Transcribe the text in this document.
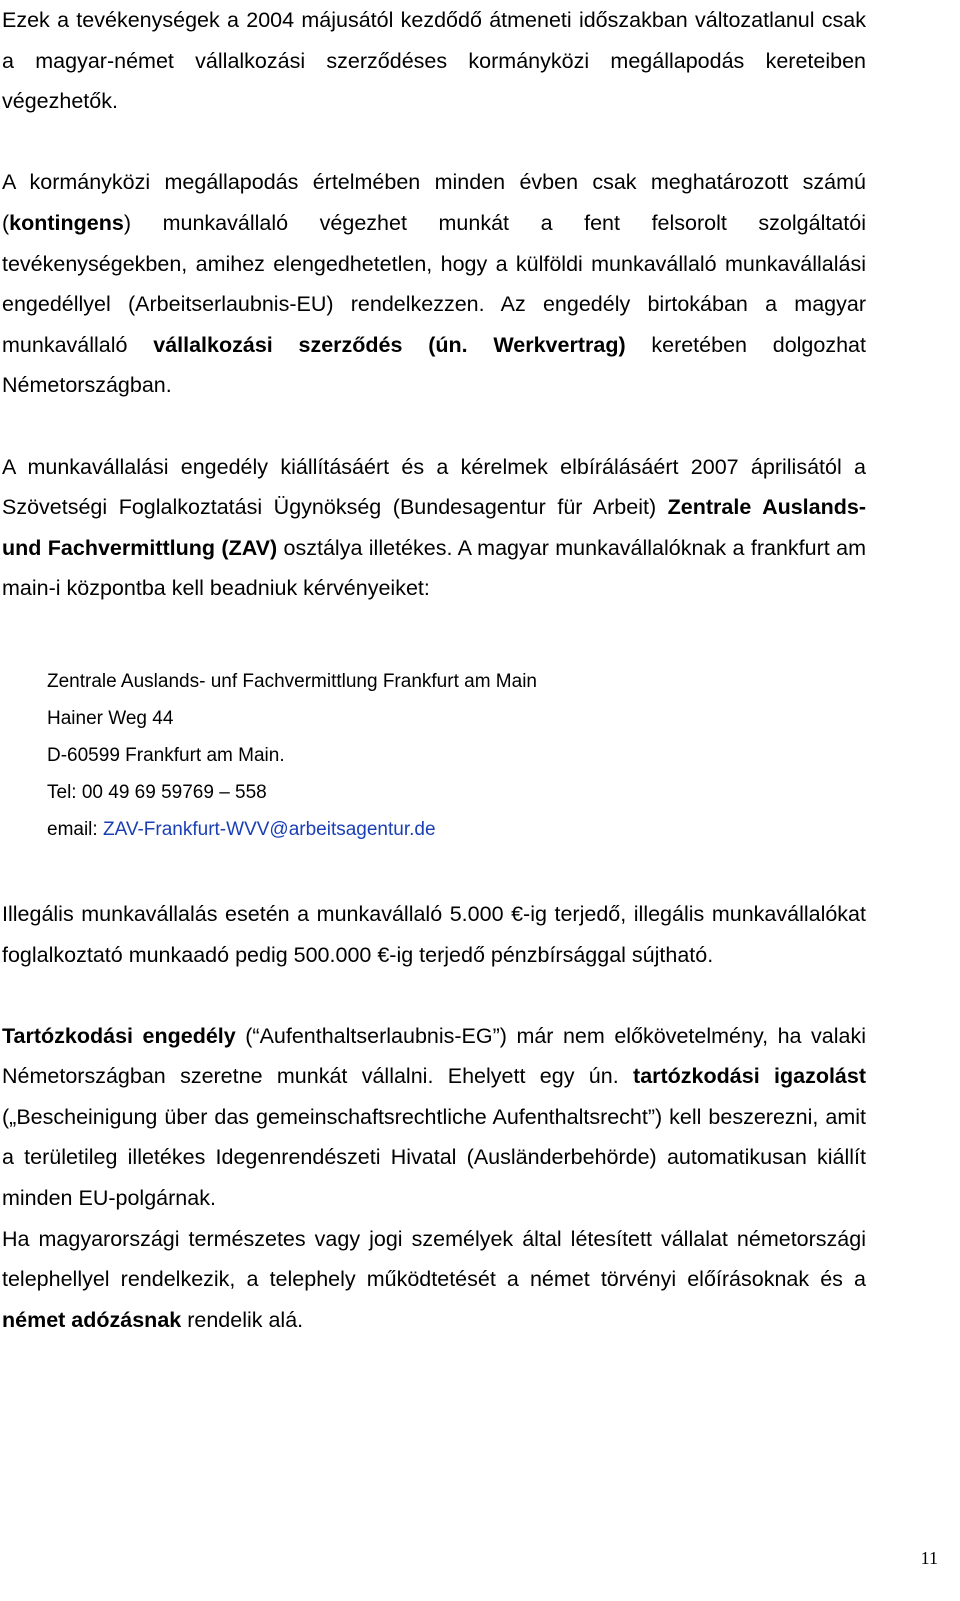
Ezek a tevékenységek a 2004 májusától kezdődő átmeneti időszakban változatlanul csak a magyar-német vállalkozási szerződéses kormányközi megállapodás kereteiben végezhetők.

A kormányközi megállapodás értelmében minden évben csak meghatározott számú (kontingens) munkavállaló végezhet munkát a fent felsorolt szolgáltatói tevékenységekben, amihez elengedhetetlen, hogy a külföldi munkavállaló munkavállalási engedéllyel (Arbeitserlaubnis-EU) rendelkezzen. Az engedély birtokában a magyar munkavállaló vállalkozási szerződés (ún. Werkvertrag) keretében dolgozhat Németországban.

A munkavállalási engedély kiállításáért és a kérelmek elbírálásáért 2007 áprilisától a Szövetségi Foglalkoztatási Ügynökség (Bundesagentur für Arbeit) Zentrale Auslands- und Fachvermittlung (ZAV) osztálya illetékes. A magyar munkavállalóknak a frankfurt am main-i központba kell beadniuk kérvényeiket:

Zentrale Auslands- unf Fachvermittlung Frankfurt am Main
Hainer Weg 44
D-60599 Frankfurt am Main.
Tel: 00 49 69 59769 – 558
email: ZAV-Frankfurt-WVV@arbeitsagentur.de

Illegális munkavállalás esetén a munkavállaló 5.000 €-ig terjedő, illegális munkavállalókat foglalkoztató munkaadó pedig 500.000 €-ig terjedő pénzbírsággal sújtható.

Tartózkodási engedély (“Aufenthaltserlaubnis-EG”) már nem előkövetelmény, ha valaki Németországban szeretne munkát vállalni. Ehelyett egy ún. tartózkodási igazolást („Bescheinigung über das gemeinschaftsrechtliche Aufenthaltsrecht”) kell beszerezni, amit a területileg illetékes Idegenrendészeti Hivatal (Ausländerbehörde) automatikusan kiállít minden EU-polgárnak.

Ha magyarországi természetes vagy jogi személyek által létesített vállalat németországi telephellyel rendelkezik, a telephely működtetését a német törvényi előírásoknak és a német adózásnak rendelik alá.

11
